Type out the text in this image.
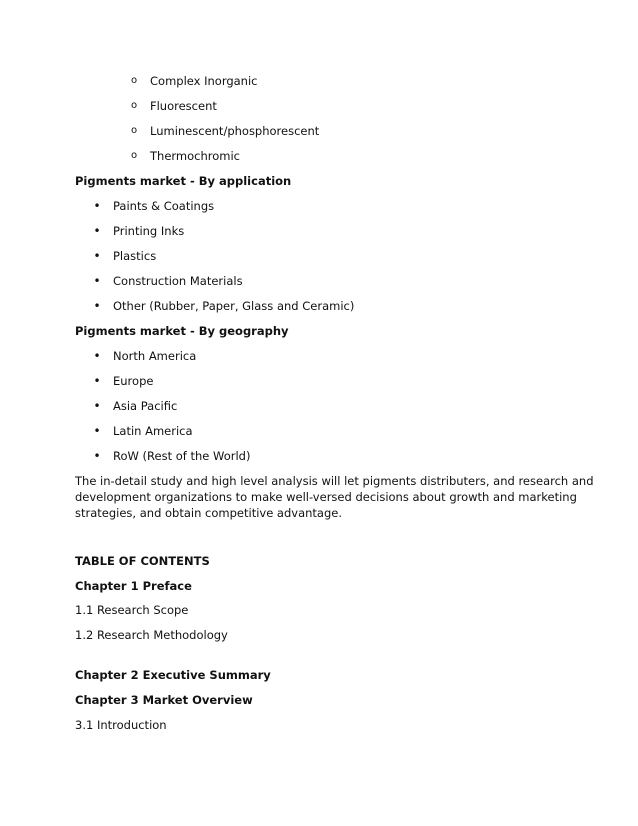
o Complex Inorganic
o Fluorescent
o Luminescent/phosphorescent
o Thermochromic
Pigments market - By application
• Paints & Coatings
• Printing Inks
• Plastics
• Construction Materials
• Other (Rubber, Paper, Glass and Ceramic)
Pigments market - By geography
• North America
• Europe
• Asia Pacific
• Latin America
• RoW (Rest of the World)
The in-detail study and high level analysis will let pigments distributers, and research and
development organizations to make well-versed decisions about growth and marketing
strategies, and obtain competitive advantage.
TABLE OF CONTENTS
Chapter 1 Preface
1.1 Research Scope
1.2 Research Methodology
Chapter 2 Executive Summary
Chapter 3 Market Overview
3.1 Introduction
